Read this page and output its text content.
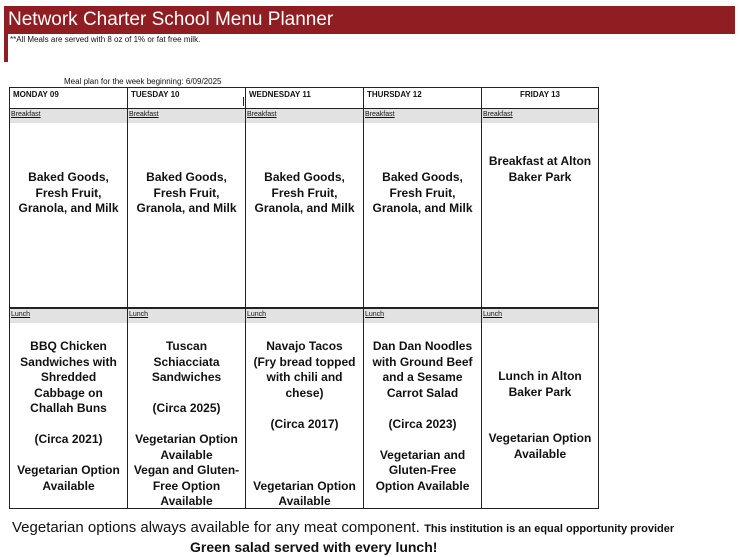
Network Charter School Menu Planner
**All Meals are served with 8 oz of 1% or fat free milk.
Meal plan for the week beginning: 6/09/2025
MONDAY 09
Breakfast
Baked Goods,
Fresh Fruit,
Granola, and Milk
Lunch
BBQ Chicken
Sandwiches with
Shredded
Cabbage on
Challah Buns

(Circa 2021)

Vegetarian Option
Available
TUESDAY 10
Breakfast
Baked Goods,
Fresh Fruit,
Granola, and Milk
Lunch
Tuscan
Schiacciata
Sandwiches

(Circa 2025)

Vegetarian Option
Available
Vegan and Gluten-
Free Option
Available
WEDNESDAY 11
Breakfast
Baked Goods,
Fresh Fruit,
Granola, and Milk
Lunch
Navajo Tacos
(Fry bread topped
with chili and
chese)

(Circa 2017)

Vegetarian Option
Available
THURSDAY 12
Breakfast
Baked Goods,
Fresh Fruit,
Granola, and Milk
Lunch
Dan Dan Noodles
with Ground Beef
and a Sesame
Carrot Salad

(Circa 2023)

Vegetarian and
Gluten-Free
Option Available
FRIDAY 13
Breakfast
Breakfast at Alton
Baker Park
Lunch
Lunch in Alton
Baker Park

Vegetarian Option
Available
Vegetarian options always available for any meat component. This institution is an equal opportunity provider
Green salad served with every lunch!
